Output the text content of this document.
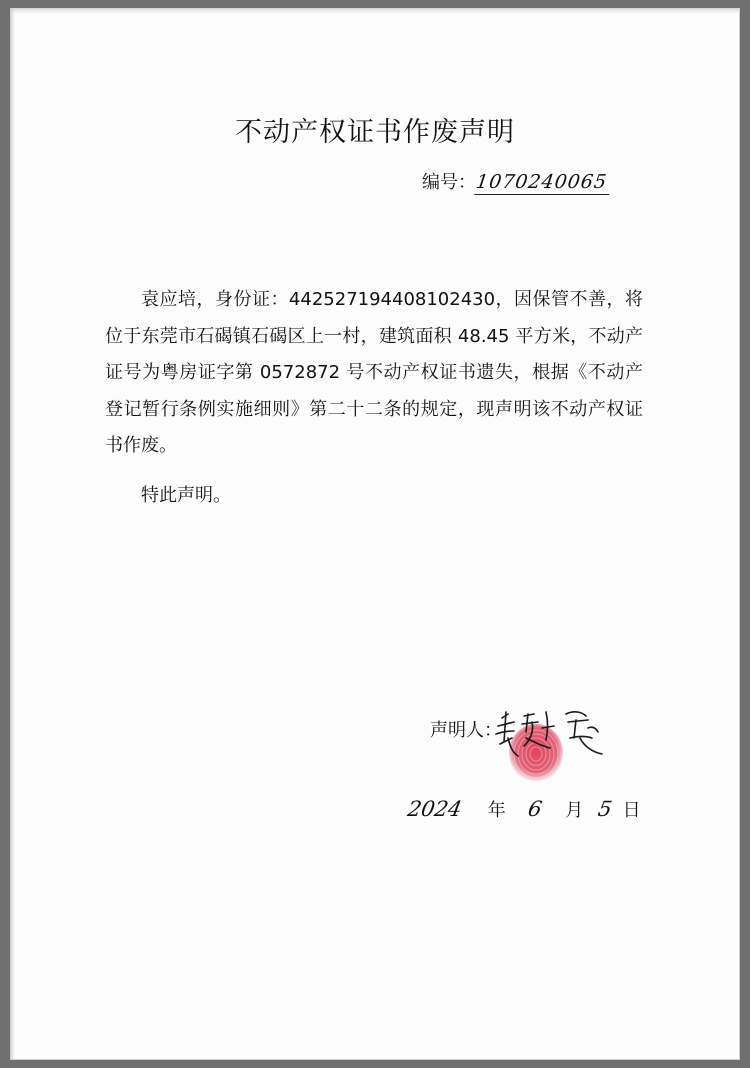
不动产权证书作废声明
编号：1070240065

袁应培，身份证：442527194408102430，因保管不善，将位于东莞市石碣镇石碣区上一村，建筑面积 48.45 平方米，不动产证号为粤房证字第 0572872 号不动产权证书遗失，根据《不动产登记暂行条例实施细则》第二十二条的规定，现声明该不动产权证书作废。

特此声明。
声明人：
2024 年 6 月 5 日
